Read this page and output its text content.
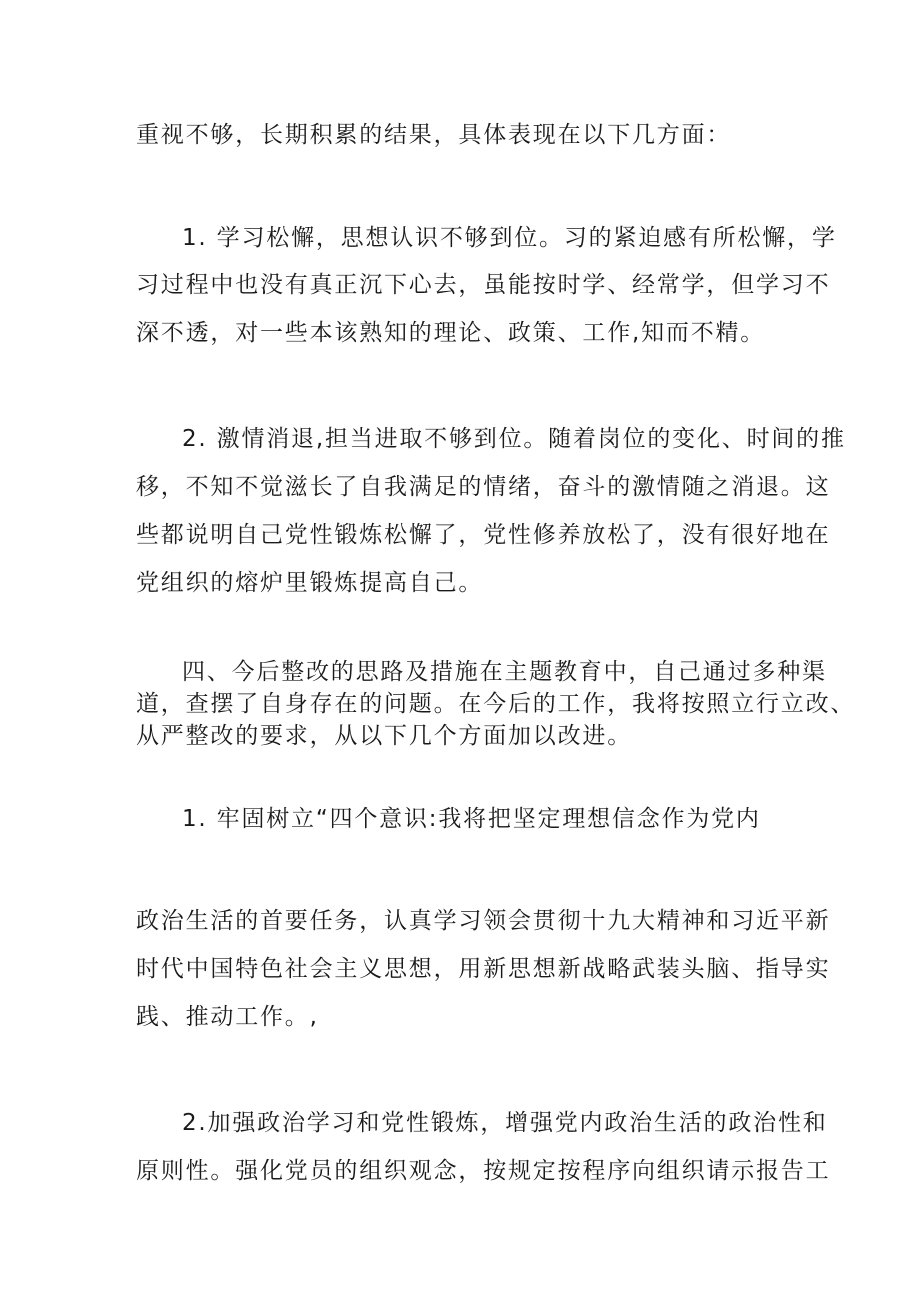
重视不够，长期积累的结果，具体表现在以下几方面：
1. 学习松懈，思想认识不够到位。习的紧迫感有所松懈，学
习过程中也没有真正沉下心去，虽能按时学、经常学，但学习不
深不透，对一些本该熟知的理论、政策、工作,知而不精。
2. 激情消退,担当进取不够到位。随着岗位的变化、时间的推
移，不知不觉滋长了自我满足的情绪，奋斗的激情随之消退。这
些都说明自己党性锻炼松懈了，党性修养放松了，没有很好地在
党组织的熔炉里锻炼提高自己。
四、今后整改的思路及措施在主题教育中，自己通过多种渠
道，查摆了自身存在的问题。在今后的工作，我将按照立行立改、
从严整改的要求，从以下几个方面加以改进。
1. 牢固树立“四个意识:我将把坚定理想信念作为党内
政治生活的首要任务，认真学习领会贯彻十九大精神和习近平新
时代中国特色社会主义思想，用新思想新战略武装头脑、指导实
践、推动工作。,
2.加强政治学习和党性锻炼，增强党内政治生活的政治性和
原则性。强化党员的组织观念，按规定按程序向组织请示报告工
